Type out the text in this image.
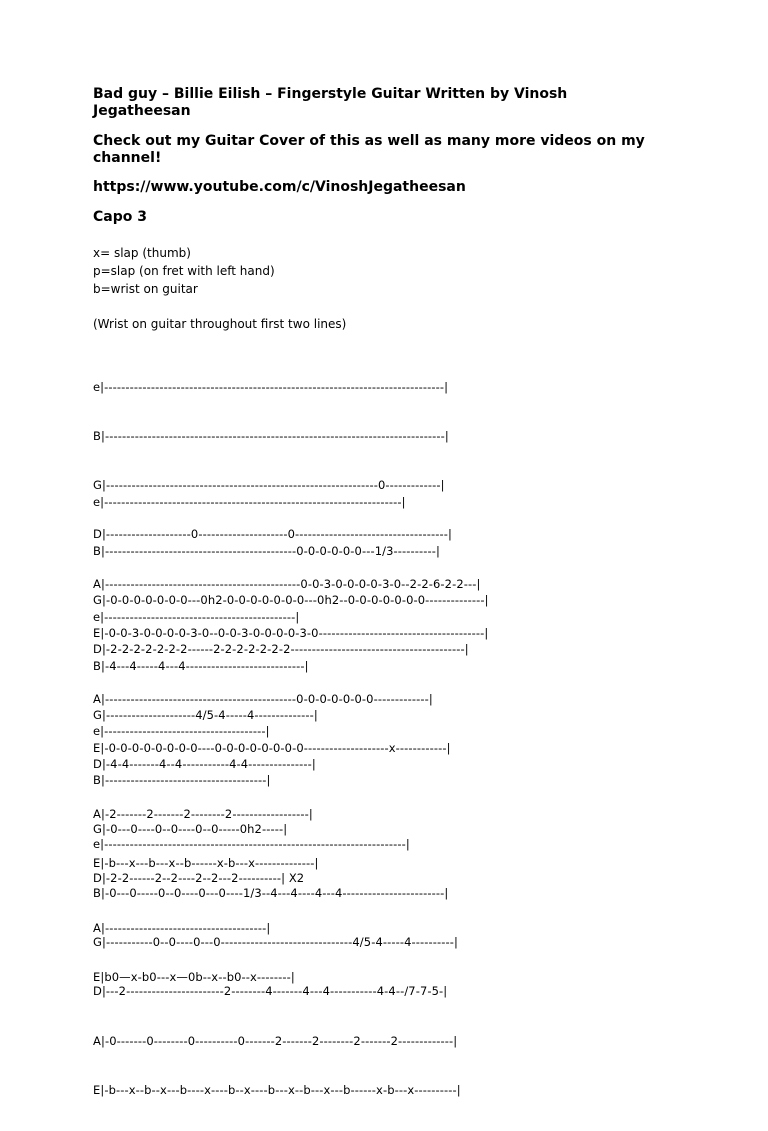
Bad guy – Billie Eilish – Fingerstyle Guitar Written by Vinosh Jegatheesan

Check out my Guitar Cover of this as well as many more videos on my channel!

https://www.youtube.com/c/VinoshJegatheesan

Capo 3

x= slap (thumb)
p=slap (on fret with left hand)
b=wrist on guitar
(Wrist on guitar throughout first two lines)

e|--------------------------------------------------------------------------------|

B|--------------------------------------------------------------------------------|

G|----------------------------------------------------------------0-------------|

D|--------------------0---------------------0------------------------------------|

A|----------------------------------------------0-0-3-0-0-0-0-3-0--2-2-6-2-2---|

E|-0-0-3-0-0-0-0-3-0--0-0-3-0-0-0-0-3-0---------------------------------------|

e|----------------------------------------------------------------------|

B|---------------------------------------------0-0-0-0-0-0---1/3----------|

G|-0-0-0-0-0-0-0---0h2-0-0-0-0-0-0-0---0h2--0-0-0-0-0-0-0--------------|

D|-2-2-2-2-2-2-2------2-2-2-2-2-2-2-----------------------------------------|

A|---------------------------------------------0-0-0-0-0-0-0-------------|

E|-0-0-0-0-0-0-0-0----0-0-0-0-0-0-0-0--------------------x------------|

e|---------------------------------------------|

B|-4---4-----4---4----------------------------|

G|---------------------4/5-4-----4--------------|

D|-4-4-------4--4-----------4-4---------------|

A|-2-------2-------2--------2------------------|

E|-b---x---b---x--b------x-b---x--------------|

e|--------------------------------------|

B|--------------------------------------|

G|-0---0----0--0----0--0-----0h2-----|

D|-2-2------2--2----2--2---2----------| X2

A|--------------------------------------|

E|b0—x-b0---x—0b--x--b0--x--------|

e|-----------------------------------------------------------------------|

B|-0---0-----0--0----0---0----1/3--4---4----4---4------------------------|

G|-----------0--0----0---0-------------------------------4/5-4-----4----------|

D|---2-----------------------2--------4-------4---4-----------4-4--/7-7-5-|

A|-0-------0--------0----------0-------2-------2--------2-------2-------------|

E|-b---x--b--x---b----x----b--x----b---x--b---x---b------x-b---x----------|
